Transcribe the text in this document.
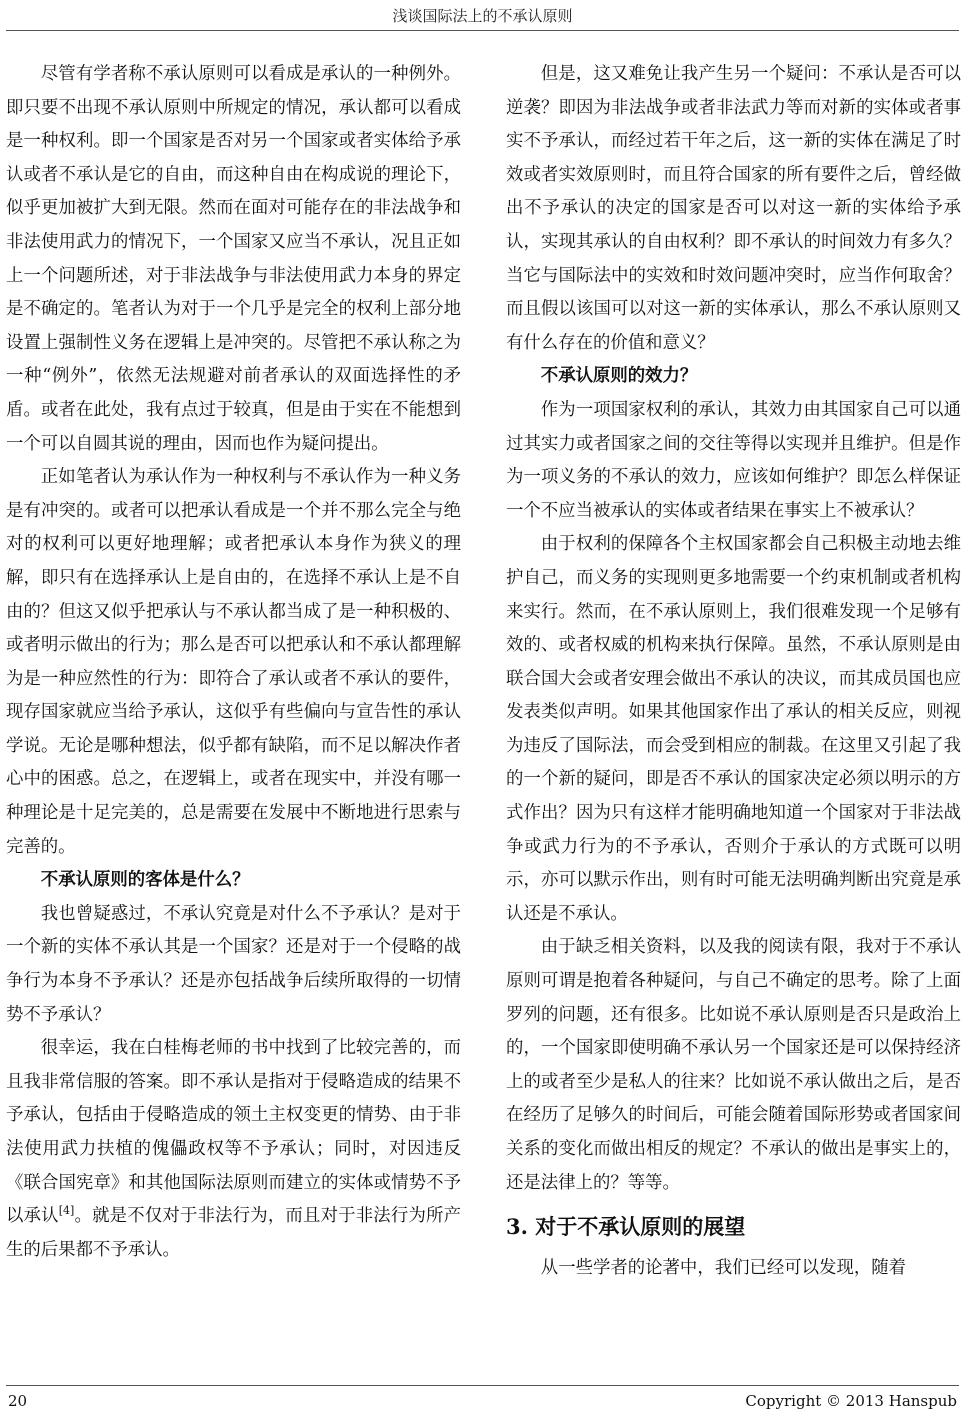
浅谈国际法上的不承认原则

尽管有学者称不承认原则可以看成是承认的一种例外。即只要不出现不承认原则中所规定的情况，承认都可以看成是一种权利。即一个国家是否对另一个国家或者实体给予承认或者不承认是它的自由，而这种自由在构成说的理论下，似乎更加被扩大到无限。然而在面对可能存在的非法战争和非法使用武力的情况下，一个国家又应当不承认，况且正如上一个问题所述，对于非法战争与非法使用武力本身的界定是不确定的。笔者认为对于一个几乎是完全的权利上部分地设置上强制性义务在逻辑上是冲突的。尽管把不承认称之为一种“例外”，依然无法规避对前者承认的双面选择性的矛盾。或者在此处，我有点过于较真，但是由于实在不能想到一个可以自圆其说的理由，因而也作为疑问提出。

正如笔者认为承认作为一种权利与不承认作为一种义务是有冲突的。或者可以把承认看成是一个并不那么完全与绝对的权利可以更好地理解；或者把承认本身作为狭义的理解，即只有在选择承认上是自由的，在选择不承认上是不自由的？但这又似乎把承认与不承认都当成了是一种积极的、或者明示做出的行为；那么是否可以把承认和不承认都理解为是一种应然性的行为：即符合了承认或者不承认的要件，现存国家就应当给予承认，这似乎有些偏向与宣告性的承认学说。无论是哪种想法，似乎都有缺陷，而不足以解决作者心中的困惑。总之，在逻辑上，或者在现实中，并没有哪一种理论是十足完美的，总是需要在发展中不断地进行思索与完善的。

不承认原则的客体是什么？

我也曾疑惑过，不承认究竟是对什么不予承认？是对于一个新的实体不承认其是一个国家？还是对于一个侵略的战争行为本身不予承认？还是亦包括战争后续所取得的一切情势不予承认？

很幸运，我在白桂梅老师的书中找到了比较完善的，而且我非常信服的答案。即不承认是指对于侵略造成的结果不予承认，包括由于侵略造成的领土主权变更的情势、由于非法使用武力扶植的傀儡政权等不予承认；同时，对因违反《联合国宪章》和其他国际法原则而建立的实体或情势不予以承认[4]。就是不仅对于非法行为，而且对于非法行为所产生的后果都不予承认。

但是，这又难免让我产生另一个疑问：不承认是否可以逆袭？即因为非法战争或者非法武力等而对新的实体或者事实不予承认，而经过若干年之后，这一新的实体在满足了时效或者实效原则时，而且符合国家的所有要件之后，曾经做出不予承认的决定的国家是否可以对这一新的实体给予承认，实现其承认的自由权利？即不承认的时间效力有多久？当它与国际法中的实效和时效问题冲突时，应当作何取舍？而且假以该国可以对这一新的实体承认，那么不承认原则又有什么存在的价值和意义？

不承认原则的效力？

作为一项国家权利的承认，其效力由其国家自己可以通过其实力或者国家之间的交往等得以实现并且维护。但是作为一项义务的不承认的效力，应该如何维护？即怎么样保证一个不应当被承认的实体或者结果在事实上不被承认？

由于权利的保障各个主权国家都会自己积极主动地去维护自己，而义务的实现则更多地需要一个约束机制或者机构来实行。然而，在不承认原则上，我们很难发现一个足够有效的、或者权威的机构来执行保障。虽然，不承认原则是由联合国大会或者安理会做出不承认的决议，而其成员国也应发表类似声明。如果其他国家作出了承认的相关反应，则视为违反了国际法，而会受到相应的制裁。在这里又引起了我的一个新的疑问，即是否不承认的国家决定必须以明示的方式作出？因为只有这样才能明确地知道一个国家对于非法战争或武力行为的不予承认，否则介于承认的方式既可以明示，亦可以默示作出，则有时可能无法明确判断出究竟是承认还是不承认。

由于缺乏相关资料，以及我的阅读有限，我对于不承认原则可谓是抱着各种疑问，与自己不确定的思考。除了上面罗列的问题，还有很多。比如说不承认原则是否只是政治上的，一个国家即使明确不承认另一个国家还是可以保持经济上的或者至少是私人的往来？比如说不承认做出之后，是否在经历了足够久的时间后，可能会随着国际形势或者国家间关系的变化而做出相反的规定？不承认的做出是事实上的，还是法律上的？等等。

3. 对于不承认原则的展望

从一些学者的论著中，我们已经可以发现，随着

20	Copyright © 2013 Hanspub
